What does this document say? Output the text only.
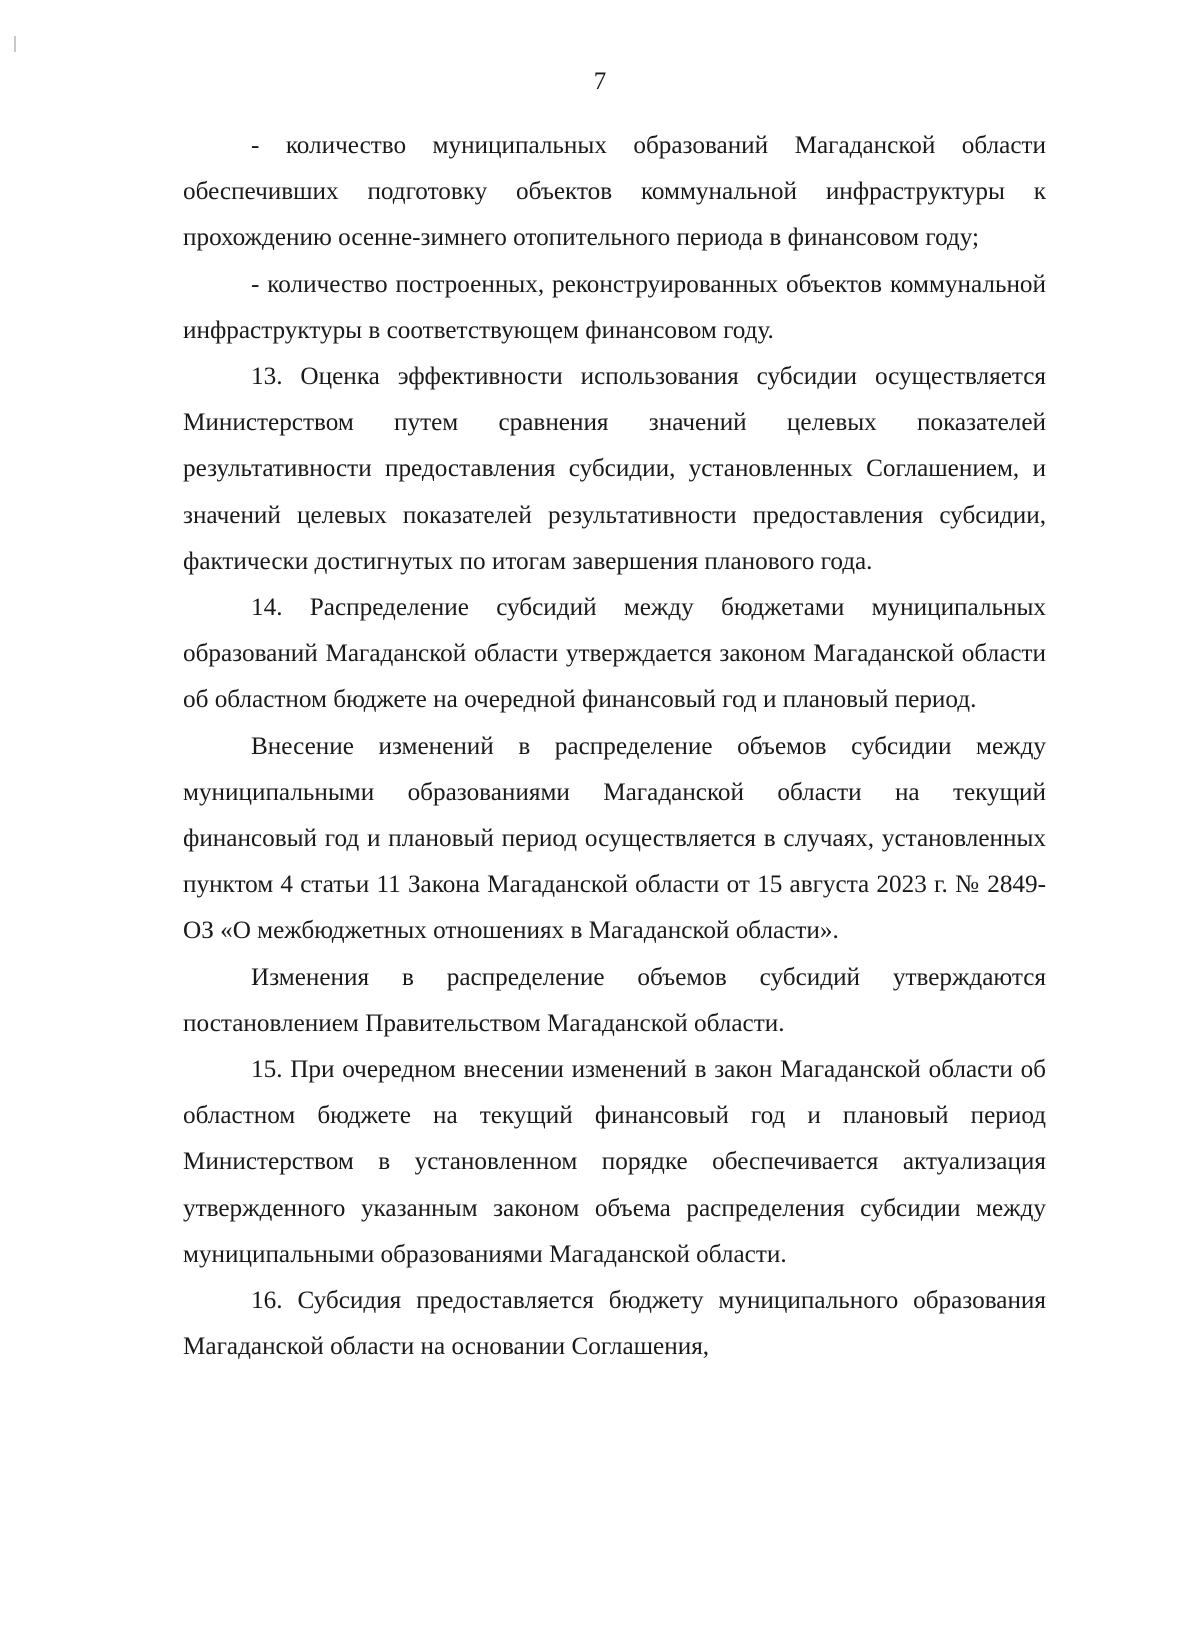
7

- количество муниципальных образований Магаданской области обеспечивших подготовку объектов коммунальной инфраструктуры к прохождению осенне-зимнего отопительного периода в финансовом году;

- количество построенных, реконструированных объектов коммунальной инфраструктуры в соответствующем финансовом году.

13. Оценка эффективности использования субсидии осуществляется Министерством путем сравнения значений целевых показателей результативности предоставления субсидии, установленных Соглашением, и значений целевых показателей результативности предоставления субсидии, фактически достигнутых по итогам завершения планового года.

14. Распределение субсидий между бюджетами муниципальных образований Магаданской области утверждается законом Магаданской области об областном бюджете на очередной финансовый год и плановый период.

Внесение изменений в распределение объемов субсидии между муниципальными образованиями Магаданской области на текущий финансовый год и плановый период осуществляется в случаях, установленных пунктом 4 статьи 11 Закона Магаданской области от 15 августа 2023 г. № 2849-ОЗ «О межбюджетных отношениях в Магаданской области».

Изменения в распределение объемов субсидий утверждаются постановлением Правительством Магаданской области.

15. При очередном внесении изменений в закон Магаданской области об областном бюджете на текущий финансовый год и плановый период Министерством в установленном порядке обеспечивается актуализация утвержденного указанным законом объема распределения субсидии между муниципальными образованиями Магаданской области.

16. Субсидия предоставляется бюджету муниципального образования Магаданской области на основании Соглашения,
